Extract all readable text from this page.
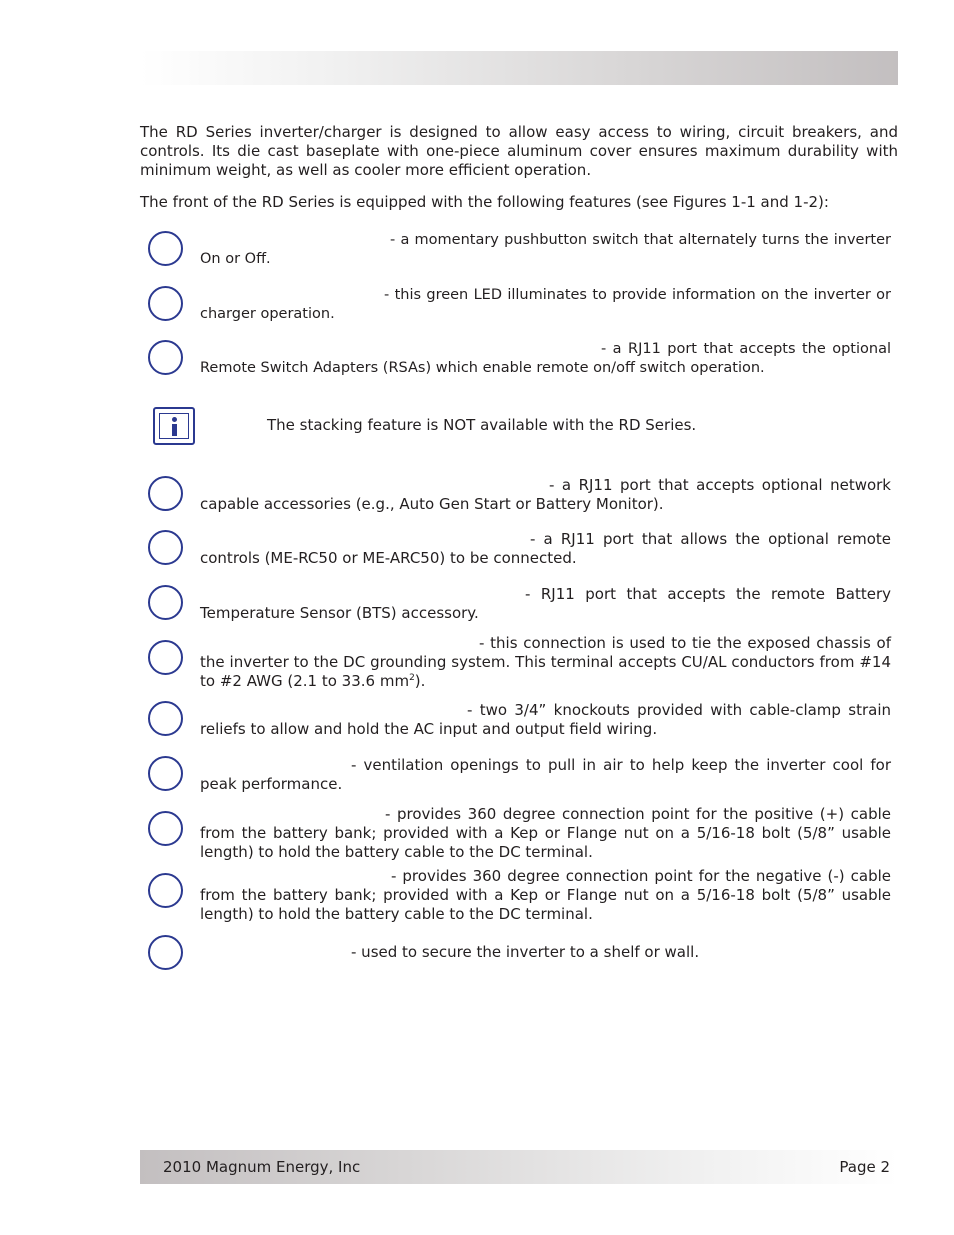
The RD Series inverter/charger is designed to allow easy access to wiring, circuit breakers, and controls. Its die cast baseplate with one-piece aluminum cover ensures maximum durability with minimum weight, as well as cooler more efficient operation.

The front of the RD Series is equipped with the following features (see Figures 1-1 and 1-2):

- a momentary pushbutton switch that alternately turns the inverter On or Off.

- this green LED illuminates to provide information on the inverter or charger operation.

- a RJ11 port that accepts the optional Remote Switch Adapters (RSAs) which enable remote on/off switch operation.

The stacking feature is NOT available with the RD Series.

- a RJ11 port that accepts optional network capable accessories (e.g., Auto Gen Start or Battery Monitor).

- a RJ11 port that allows the optional remote controls (ME-RC50 or ME-ARC50) to be connected.

- RJ11 port that accepts the remote Battery Temperature Sensor (BTS) accessory.

- this connection is used to tie the exposed chassis of the inverter to the DC grounding system. This terminal accepts CU/AL conductors from #14 to #2 AWG (2.1 to 33.6 $mm^2$).

- two 3/4” knockouts provided with cable-clamp strain reliefs to allow and hold the AC input and output field wiring.

- ventilation openings to pull in air to help keep the inverter cool for peak performance.

- provides 360 degree connection point for the positive (+) cable from the battery bank; provided with a Kep or Flange nut on a 5/16-18 bolt (5/8” usable length) to hold the battery cable to the DC terminal.

- provides 360 degree connection point for the negative (-) cable from the battery bank; provided with a Kep or Flange nut on a 5/16-18 bolt (5/8” usable length) to hold the battery cable to the DC terminal.

- used to secure the inverter to a shelf or wall.

2010 Magnum Energy, Inc	Page 2
